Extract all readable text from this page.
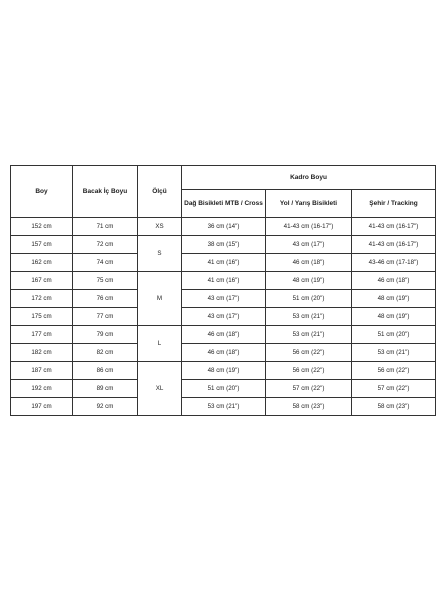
Boy	Bacak İç Boyu	Ölçü	Kadro Boyu		
			Dağ Bisikleti MTB / Cross	Yol / Yarış Bisikleti	Şehir / Tracking
152 cm	71 cm	XS	36 cm (14")	41-43 cm (16-17")	41-43 cm (16-17")
157 cm	72 cm	S	38 cm (15")	43 cm (17")	41-43 cm (16-17")
162 cm	74 cm		41 cm (16")	46 cm (18")	43-46 cm (17-18")
167 cm	75 cm	M	41 cm (16")	48 cm (19")	46 cm (18")
172 cm	76 cm		43 cm (17")	51 cm (20")	48 cm (19")
175 cm	77 cm		43 cm (17")	53 cm (21")	48 cm (19")
177 cm	79 cm	L	46 cm (18")	53 cm (21")	51 cm (20")
182 cm	82 cm		46 cm (18")	56 cm (22")	53 cm (21")
187 cm	86 cm	XL	48 cm (19")	56 cm (22")	56 cm (22")
192 cm	89 cm		51 cm (20")	57 cm (22")	57 cm (22")
197 cm	92 cm		53 cm (21")	58 cm (23")	58 cm (23")
